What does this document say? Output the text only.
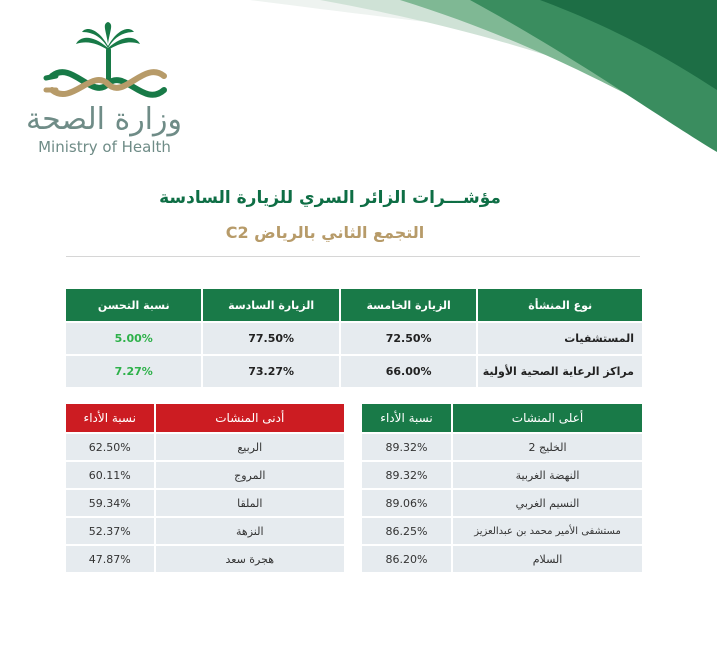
وزارة الصحة
Ministry of Health
مؤشـــرات الزائر السري للزيارة السادسة
التجمع الثاني بالرياض C2
نوع المنشأة	الزيارة الخامسة	الزيارة السادسة	نسبة التحسن
المستشفيات	72.50%	77.50%	5.00%
مراكز الرعاية الصحية الأولية	66.00%	73.27%	7.27%
أعلى المنشات	نسبة الأداء
الخليج 2	89.32%
النهضة الغربية	89.32%
النسيم الغربي	89.06%
مستشفى الأمير محمد بن عبدالعزيز	86.25%
السلام	86.20%
أدنى المنشات	نسبة الأداء
الربيع	62.50%
المروج	60.11%
الملقا	59.34%
النزهة	52.37%
هجرة سعد	47.87%
